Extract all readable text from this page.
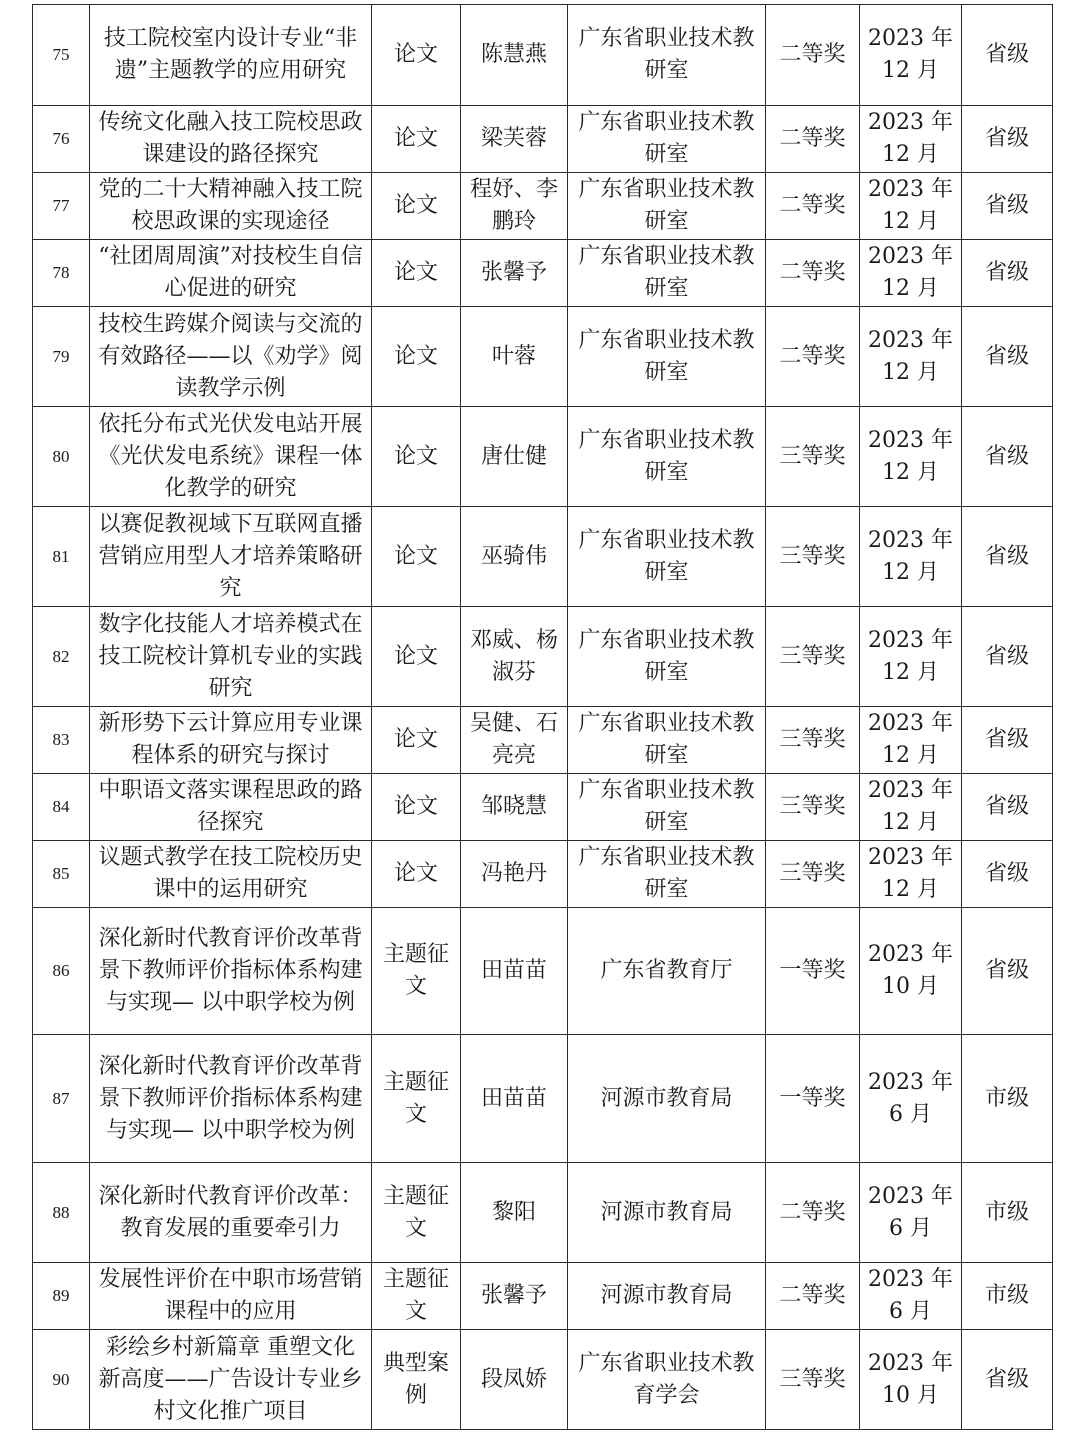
75	技工院校室内设计专业“非遗”主题教学的应用研究	论文	陈慧燕	广东省职业技术教研室	二等奖	2023 年 12 月	省级
76	传统文化融入技工院校思政课建设的路径探究	论文	梁芙蓉	广东省职业技术教研室	二等奖	2023 年 12 月	省级
77	党的二十大精神融入技工院校思政课的实现途径	论文	程妤、李鹏玲	广东省职业技术教研室	二等奖	2023 年 12 月	省级
78	“社团周周演”对技校生自信心促进的研究	论文	张馨予	广东省职业技术教研室	二等奖	2023 年 12 月	省级
79	技校生跨媒介阅读与交流的有效路径——以《劝学》阅读教学示例	论文	叶蓉	广东省职业技术教研室	二等奖	2023 年 12 月	省级
80	依托分布式光伏发电站开展《光伏发电系统》课程一体化教学的研究	论文	唐仕健	广东省职业技术教研室	三等奖	2023 年 12 月	省级
81	以赛促教视域下互联网直播营销应用型人才培养策略研究	论文	巫骑伟	广东省职业技术教研室	三等奖	2023 年 12 月	省级
82	数字化技能人才培养模式在技工院校计算机专业的实践研究	论文	邓威、杨淑芬	广东省职业技术教研室	三等奖	2023 年 12 月	省级
83	新形势下云计算应用专业课程体系的研究与探讨	论文	吴健、石亮亮	广东省职业技术教研室	三等奖	2023 年 12 月	省级
84	中职语文落实课程思政的路径探究	论文	邹晓慧	广东省职业技术教研室	三等奖	2023 年 12 月	省级
85	议题式教学在技工院校历史课中的运用研究	论文	冯艳丹	广东省职业技术教研室	三等奖	2023 年 12 月	省级
86	深化新时代教育评价改革背景下教师评价指标体系构建与实现— 以中职学校为例	主题征文	田苗苗	广东省教育厅	一等奖	2023 年 10 月	省级
87	深化新时代教育评价改革背景下教师评价指标体系构建与实现— 以中职学校为例	主题征文	田苗苗	河源市教育局	一等奖	2023 年 6 月	市级
88	深化新时代教育评价改革：教育发展的重要牵引力	主题征文	黎阳	河源市教育局	二等奖	2023 年 6 月	市级
89	发展性评价在中职市场营销课程中的应用	主题征文	张馨予	河源市教育局	二等奖	2023 年 6 月	市级
90	彩绘乡村新篇章 重塑文化新高度——广告设计专业乡村文化推广项目	典型案例	段凤娇	广东省职业技术教育学会	三等奖	2023 年 10 月	省级
